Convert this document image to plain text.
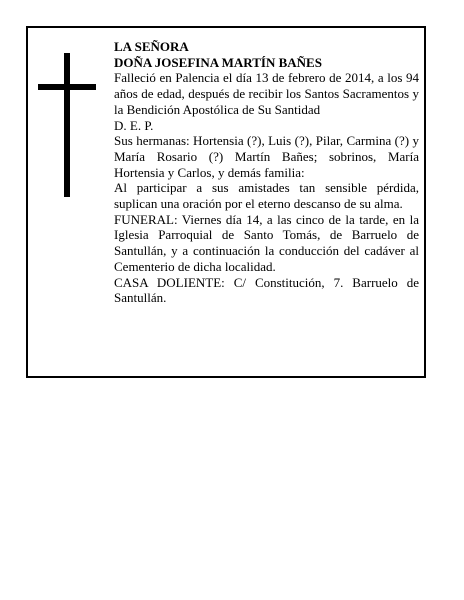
LA SEÑORA

DOÑA JOSEFINA MARTÍN BAÑES

Falleció en Palencia el día 13 de febrero de 2014, a los 94 años de edad, después de recibir los Santos Sacramentos y la Bendición Apostólica de Su Santidad

D. E. P.

Sus hermanas: Hortensia (?), Luis (?), Pilar, Carmina (?) y María Rosario (?) Martín Bañes; sobrinos, María Hortensia y Carlos, y demás familia:

Al participar a sus amistades tan sensible pérdida, suplican una oración por el eterno descanso de su alma.

FUNERAL: Viernes día 14, a las cinco de la tarde, en la Iglesia Parroquial de Santo Tomás, de Barruelo de Santullán, y a continuación la conducción del cadáver al Cementerio de dicha localidad.

CASA DOLIENTE: C/ Constitución, 7. Barruelo de Santullán.
